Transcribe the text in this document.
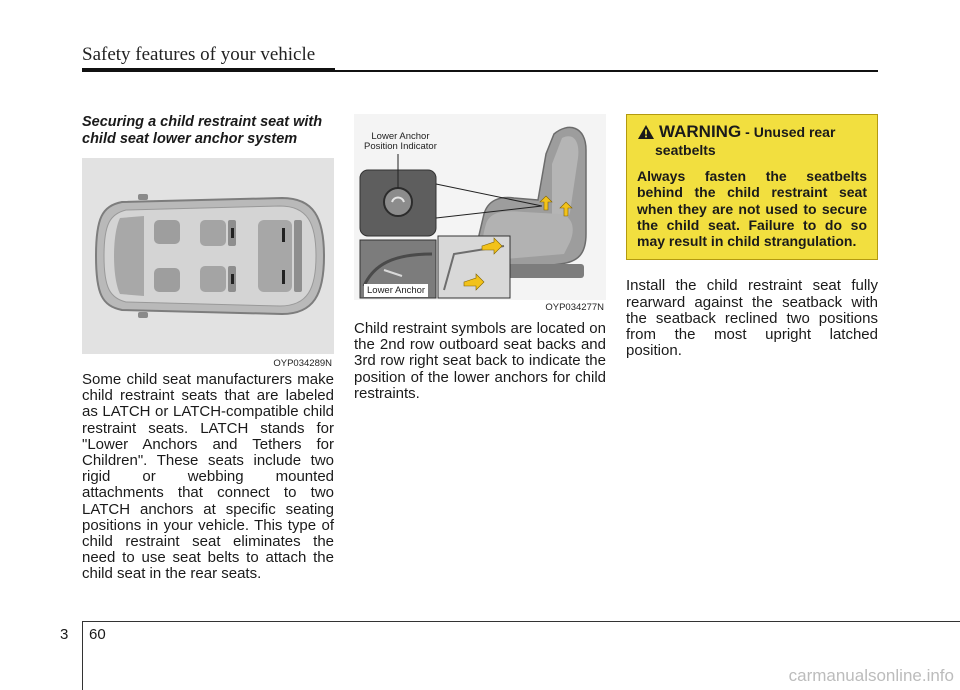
Safety features of your vehicle
Securing a child restraint seat with child seat lower anchor system
OYP034289N

Some child seat manufacturers make child restraint seats that are labeled as LATCH or LATCH-compatible child restraint seats. LATCH stands for "Lower Anchors and Tethers for Children". These seats include two rigid or webbing mounted attachments that connect to two LATCH anchors at specific seating positions in your vehicle. This type of child restraint seat eliminates the need to use seat belts to attach the child seat in the rear seats.

Lower Anchor
Position Indicator
Lower Anchor
OYP034277N

Child restraint symbols are located on the 2nd row outboard seat backs and 3rd row right seat back to indicate the position of the lower anchors for child restraints.

WARNING - Unused rear seatbelts

Always fasten the seatbelts behind the child restraint seat when they are not used to secure the child seat. Failure to do so may result in child strangulation.

Install the child restraint seat fully rearward against the seatback with the seatback reclined two positions from the most upright latched position.

3 60
carmanualsonline.info
